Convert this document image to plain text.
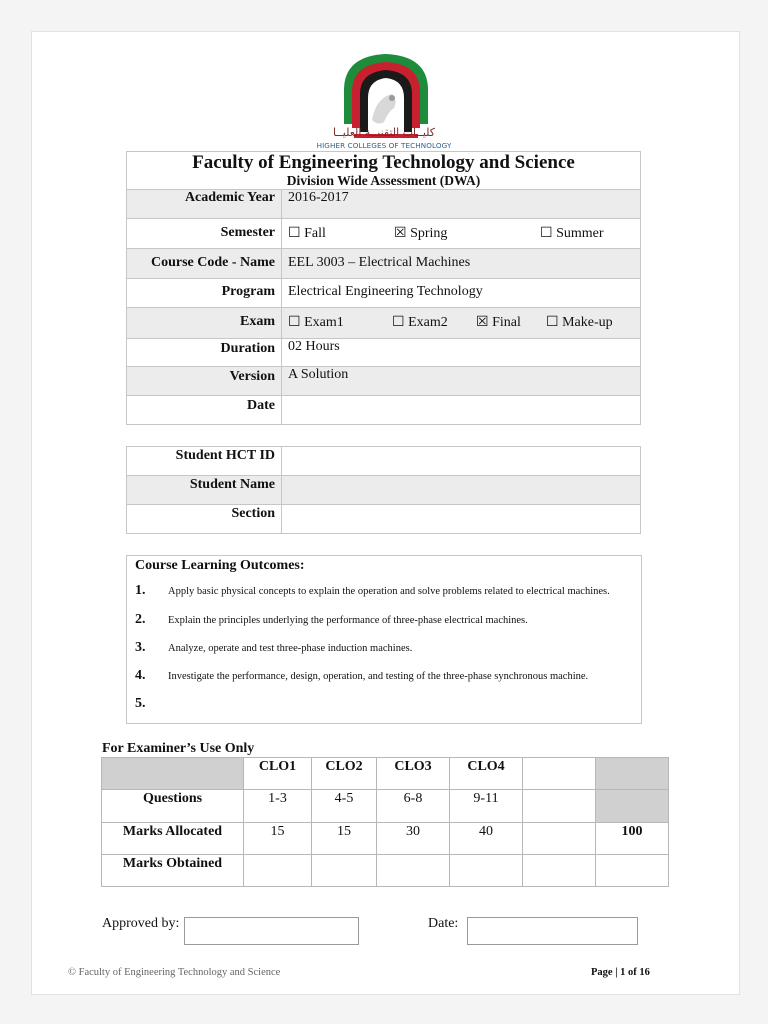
كليــات التقنيــة العليــا
HIGHER COLLEGES OF TECHNOLOGY
Faculty of Engineering Technology and Science
Division Wide Assessment (DWA)	

Academic Year	2016-2017
Semester	☐ Fall ☒ Spring ☐ Summer
Course Code - Name	EEL 3003 – Electrical Machines
Program	Electrical Engineering Technology
Exam	☐ Exam1 ☐ Exam2 ☒ Final ☐ Make-up
Duration	02 Hours
Version	A Solution
Date	
Student HCT ID	
Student Name	
Section	
Course Learning Outcomes:
1. Apply basic physical concepts to explain the operation and solve problems related to electrical machines.
2. Explain the principles underlying the performance of three-phase electrical machines.
3. Analyze, operate and test three-phase induction machines.
4. Investigate the performance, design, operation, and testing of the three-phase synchronous machine.
5.
For Examiner’s Use Only
	CLO1	CLO2	CLO3	CLO4		
Questions	1-3	4-5	6-8	9-11		
Marks Allocated	15	15	30	40		100
Marks Obtained						
Approved by:	Date:
© Faculty of Engineering Technology and Science	Page | 1 of 16
